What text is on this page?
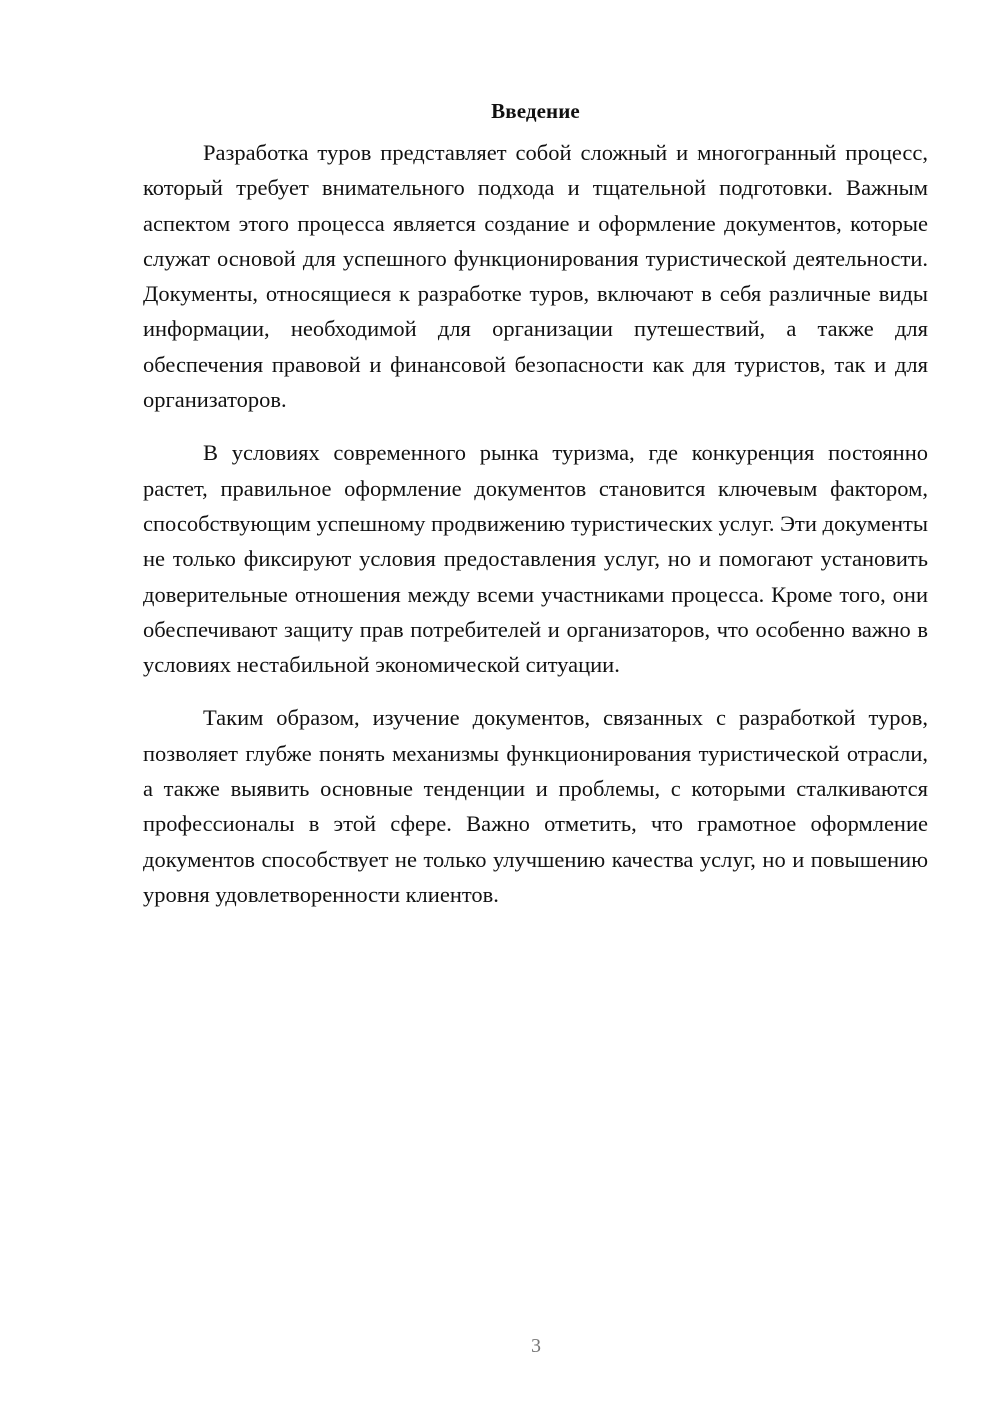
Введение

Разработка туров представляет собой сложный и многогранный процесс, который требует внимательного подхода и тщательной подготовки. Важным аспектом этого процесса является создание и оформление документов, которые служат основой для успешного функционирования туристической деятельности. Документы, относящиеся к разработке туров, включают в себя различные виды информации, необходимой для организации путешествий, а также для обеспечения правовой и финансовой безопасности как для туристов, так и для организаторов.

В условиях современного рынка туризма, где конкуренция постоянно растет, правильное оформление документов становится ключевым фактором, способствующим успешному продвижению туристических услуг. Эти документы не только фиксируют условия предоставления услуг, но и помогают установить доверительные отношения между всеми участниками процесса. Кроме того, они обеспечивают защиту прав потребителей и организаторов, что особенно важно в условиях нестабильной экономической ситуации.

Таким образом, изучение документов, связанных с разработкой туров, позволяет глубже понять механизмы функционирования туристической отрасли, а также выявить основные тенденции и проблемы, с которыми сталкиваются профессионалы в этой сфере. Важно отметить, что грамотное оформление документов способствует не только улучшению качества услуг, но и повышению уровня удовлетворенности клиентов.

3
